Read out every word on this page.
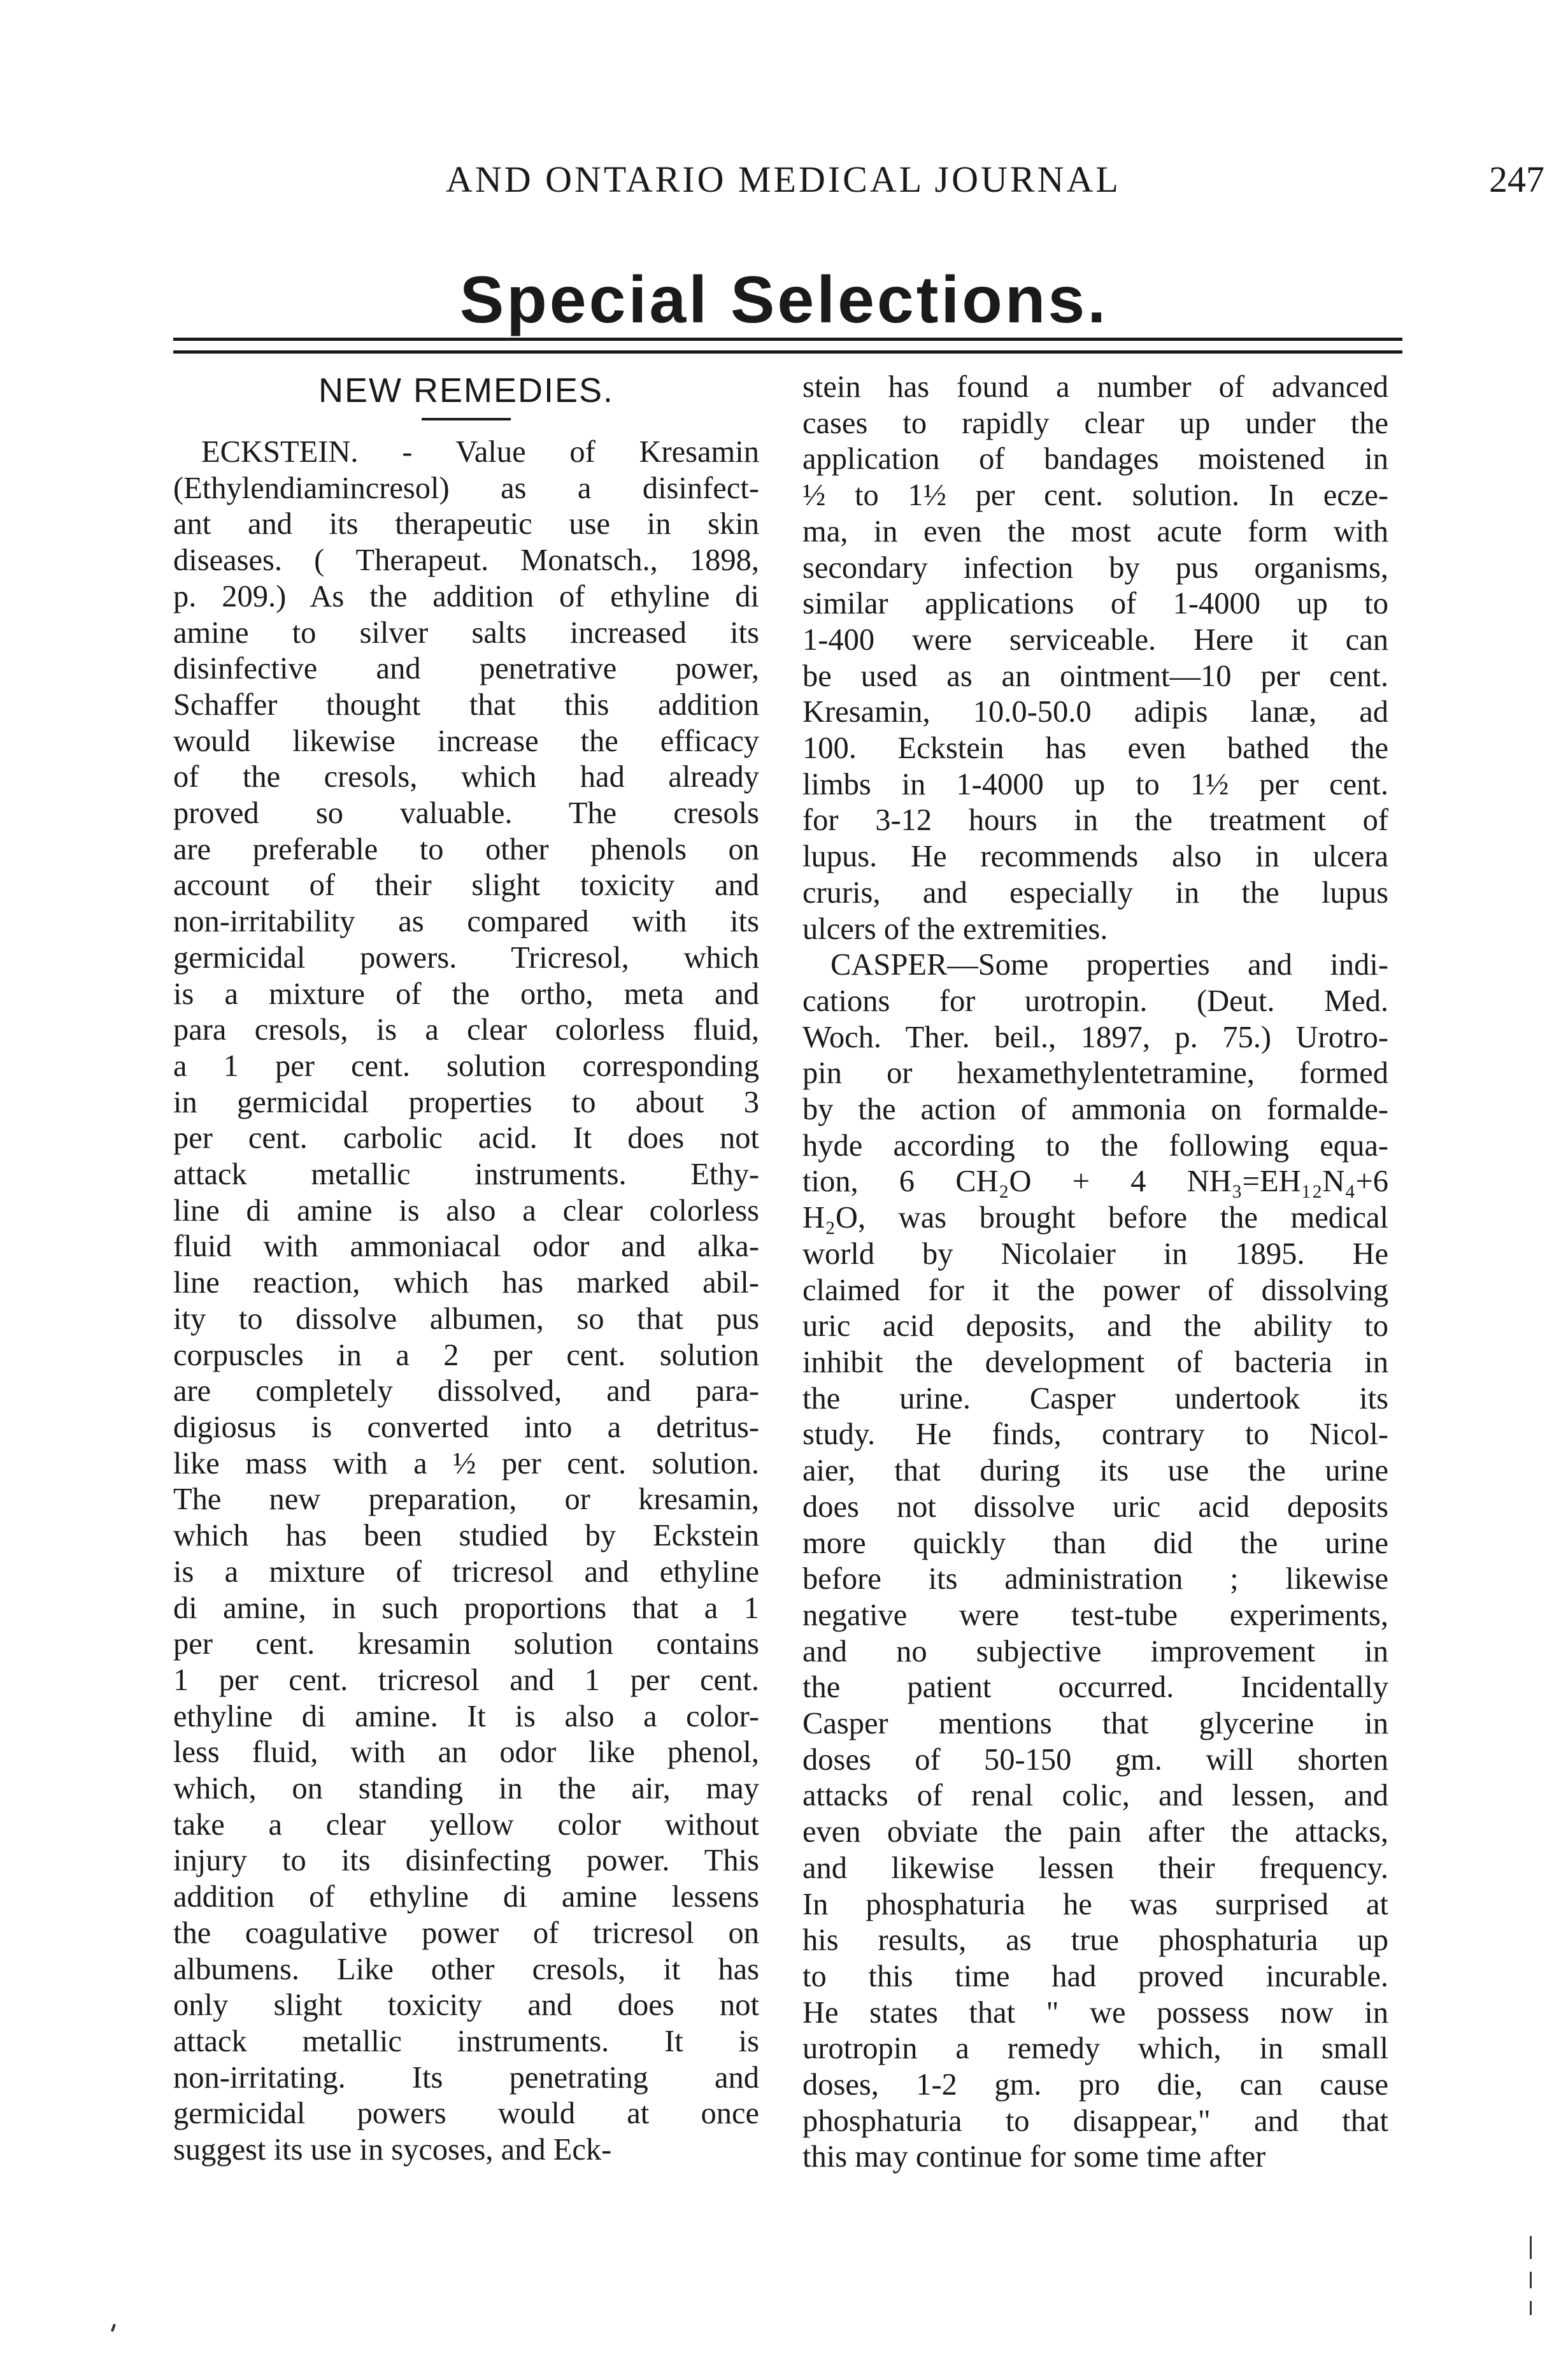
AND ONTARIO MEDICAL JOURNAL	247
Special Selections.
NEW REMEDIES.
ECKSTEIN. - Value of Kresamin
(Ethylendiamincresol) as a disinfect-
ant and its therapeutic use in skin
diseases. ( Therapeut. Monatsch., 1898,
p. 209.) As the addition of ethyline di
amine to silver salts increased its
disinfective and penetrative power,
Schaffer thought that this addition
would likewise increase the efficacy
of the cresols, which had already
proved so valuable. The cresols
are preferable to other phenols on
account of their slight toxicity and
non-irritability as compared with its
germicidal powers. Tricresol, which
is a mixture of the ortho, meta and
para cresols, is a clear colorless fluid,
a 1 per cent. solution corresponding
in germicidal properties to about 3
per cent. carbolic acid. It does not
attack metallic instruments. Ethy-
line di amine is also a clear colorless
fluid with ammoniacal odor and alka-
line reaction, which has marked abil-
ity to dissolve albumen, so that pus
corpuscles in a 2 per cent. solution
are completely dissolved, and para-
digiosus is converted into a detritus-
like mass with a ½ per cent. solution.
The new preparation, or kresamin,
which has been studied by Eckstein
is a mixture of tricresol and ethyline
di amine, in such proportions that a 1
per cent. kresamin solution contains
1 per cent. tricresol and 1 per cent.
ethyline di amine. It is also a color-
less fluid, with an odor like phenol,
which, on standing in the air, may
take a clear yellow color without
injury to its disinfecting power. This
addition of ethyline di amine lessens
the coagulative power of tricresol on
albumens. Like other cresols, it has
only slight toxicity and does not
attack metallic instruments. It is
non-irritating. Its penetrating and
germicidal powers would at once
suggest its use in sycoses, and Eck-
stein has found a number of advanced
cases to rapidly clear up under the
application of bandages moistened in
½ to 1½ per cent. solution. In ecze-
ma, in even the most acute form with
secondary infection by pus organisms,
similar applications of 1-4000 up to
1-400 were serviceable. Here it can
be used as an ointment—10 per cent.
Kresamin, 10.0-50.0 adipis lanæ, ad
100. Eckstein has even bathed the
limbs in 1-4000 up to 1½ per cent.
for 3-12 hours in the treatment of
lupus. He recommends also in ulcera
cruris, and especially in the lupus
ulcers of the extremities.
CASPER—Some properties and indi-
cations for urotropin. (Deut. Med.
Woch. Ther. beil., 1897, p. 75.) Urotro-
pin or hexamethylentetramine, formed
by the action of ammonia on formalde-
hyde according to the following equa-
tion, 6 CH₂O + 4 NH₃=EH₁₂N₄+6
H₂O, was brought before the medical
world by Nicolaier in 1895. He
claimed for it the power of dissolving
uric acid deposits, and the ability to
inhibit the development of bacteria in
the urine. Casper undertook its
study. He finds, contrary to Nicol-
aier, that during its use the urine
does not dissolve uric acid deposits
more quickly than did the urine
before its administration ; likewise
negative were test-tube experiments,
and no subjective improvement in
the patient occurred. Incidentally
Casper mentions that glycerine in
doses of 50-150 gm. will shorten
attacks of renal colic, and lessen, and
even obviate the pain after the attacks,
and likewise lessen their frequency.
In phosphaturia he was surprised at
his results, as true phosphaturia up
to this time had proved incurable.
He states that " we possess now in
urotropin a remedy which, in small
doses, 1-2 gm. pro die, can cause
phosphaturia to disappear," and that
this may continue for some time after
